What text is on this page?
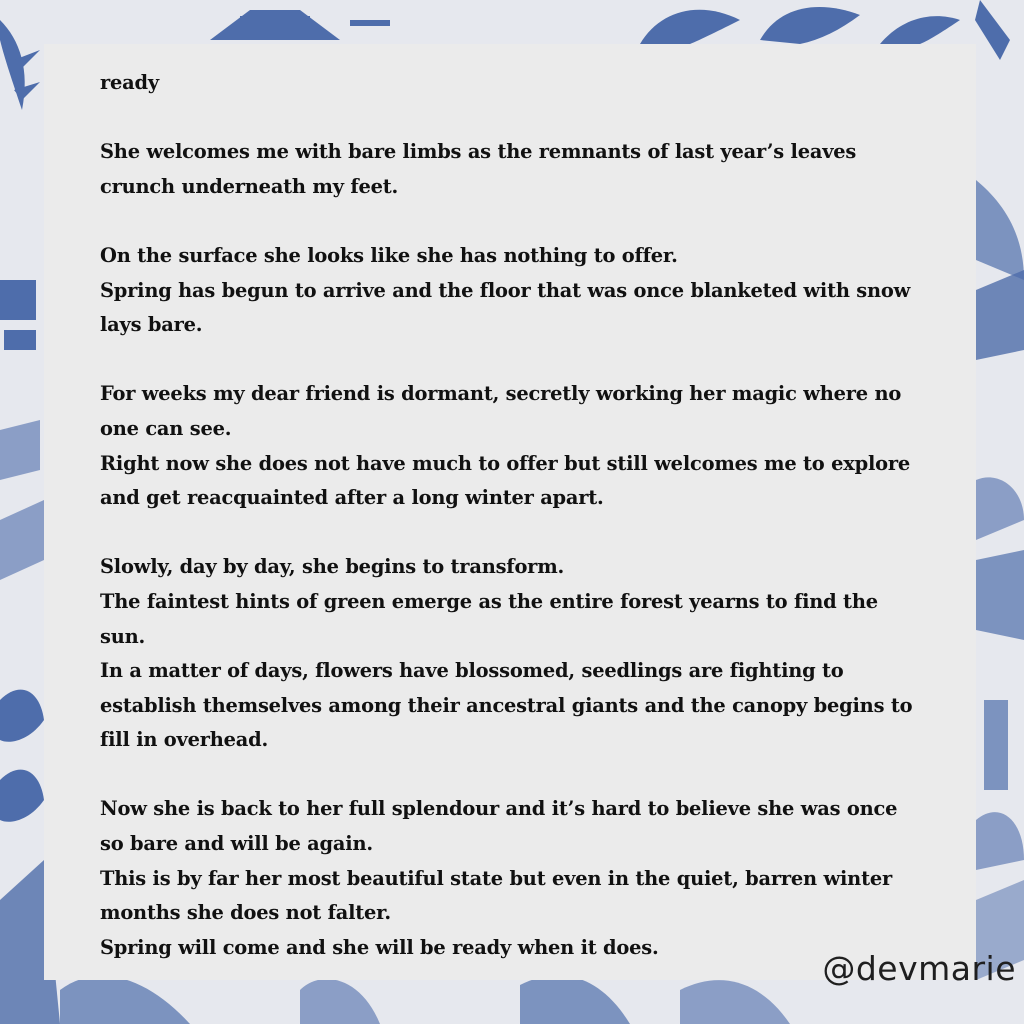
ready

She welcomes me with bare limbs as the remnants of last year’s leaves crunch underneath my feet.

On the surface she looks like she has nothing to offer.
Spring has begun to arrive and the floor that was once blanketed with snow lays bare.

For weeks my dear friend is dormant, secretly working her magic where no one can see.
Right now she does not have much to offer but still welcomes me to explore and get reacquainted after a long winter apart.

Slowly, day by day, she begins to transform.
The faintest hints of green emerge as the entire forest yearns to find the sun.
In a matter of days, flowers have blossomed, seedlings are fighting to establish themselves among their ancestral giants and the canopy begins to fill in overhead.

Now she is back to her full splendour and it’s hard to believe she was once so bare and will be again.
This is by far her most beautiful state but even in the quiet, barren winter months she does not falter.
Spring will come and she will be ready when it does.

@devmarie
